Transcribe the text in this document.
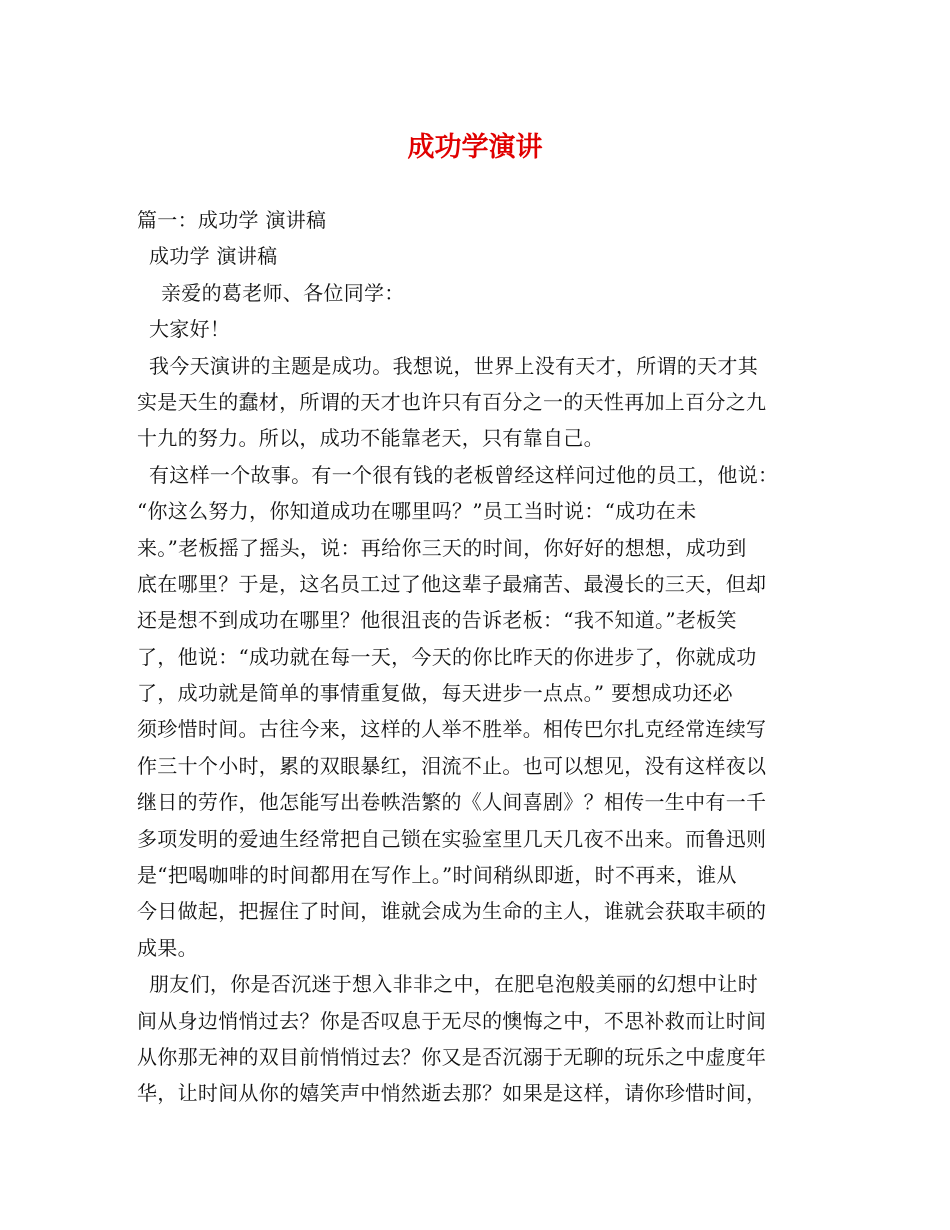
成功学演讲
篇一：成功学 演讲稿
成功学 演讲稿
亲爱的葛老师、各位同学：
大家好！
我今天演讲的主题是成功。我想说，世界上没有天才，所谓的天才其
实是天生的蠢材，所谓的天才也许只有百分之一的天性再加上百分之九
十九的努力。所以，成功不能靠老天，只有靠自己。
有这样一个故事。有一个很有钱的老板曾经这样问过他的员工，他说：
“你这么努力，你知道成功在哪里吗？”员工当时说：“成功在未
来。”老板摇了摇头，说：再给你三天的时间，你好好的想想，成功到
底在哪里？于是，这名员工过了他这辈子最痛苦、最漫长的三天，但却
还是想不到成功在哪里？他很沮丧的告诉老板：“我不知道。”老板笑
了，他说：“成功就在每一天，今天的你比昨天的你进步了，你就成功
了，成功就是简单的事情重复做，每天进步一点点。” 要想成功还必
须珍惜时间。古往今来，这样的人举不胜举。相传巴尔扎克经常连续写
作三十个小时，累的双眼暴红，泪流不止。也可以想见，没有这样夜以
继日的劳作，他怎能写出卷帙浩繁的《人间喜剧》？相传一生中有一千
多项发明的爱迪生经常把自己锁在实验室里几天几夜不出来。而鲁迅则
是“把喝咖啡的时间都用在写作上。”时间稍纵即逝，时不再来，谁从
今日做起，把握住了时间，谁就会成为生命的主人，谁就会获取丰硕的
成果。
朋友们，你是否沉迷于想入非非之中，在肥皂泡般美丽的幻想中让时
间从身边悄悄过去？你是否叹息于无尽的懊悔之中，不思补救而让时间
从你那无神的双目前悄悄过去？你又是否沉溺于无聊的玩乐之中虚度年
华，让时间从你的嬉笑声中悄然逝去那？如果是这样，请你珍惜时间，
